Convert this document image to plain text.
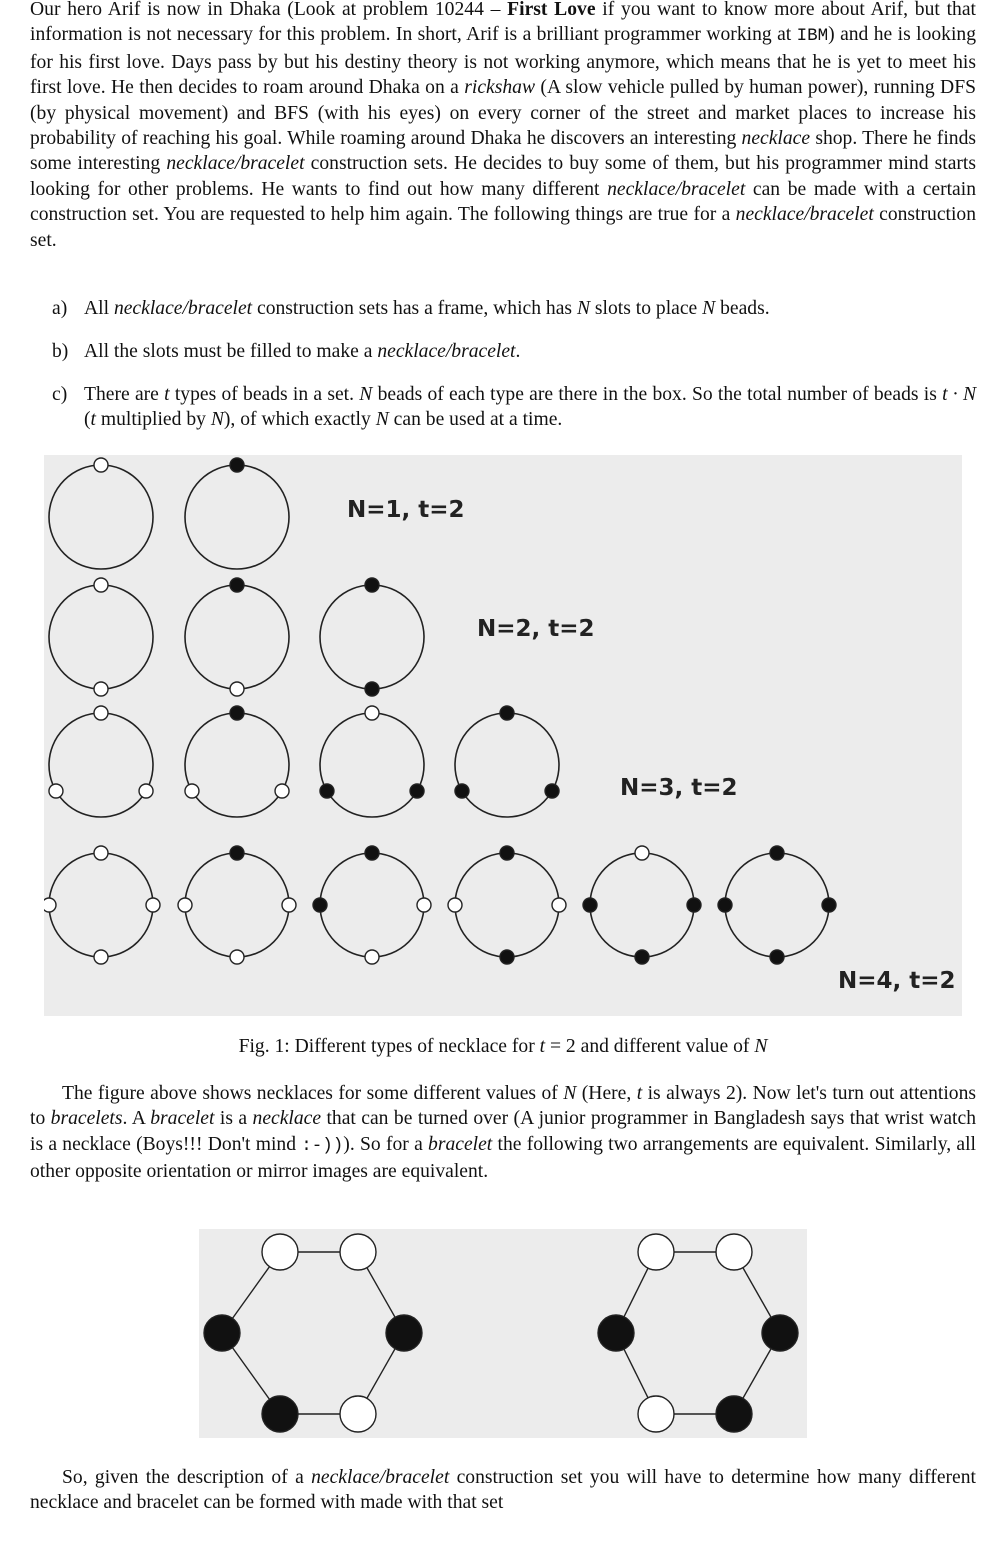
Our hero Arif is now in Dhaka (Look at problem 10244 – First Love if you want to know more about Arif, but that information is not necessary for this problem. In short, Arif is a brilliant programmer working at IBM) and he is looking for his first love. Days pass by but his destiny theory is not working anymore, which means that he is yet to meet his first love. He then decides to roam around Dhaka on a rickshaw (A slow vehicle pulled by human power), running DFS (by physical movement) and BFS (with his eyes) on every corner of the street and market places to increase his probability of reaching his goal. While roaming around Dhaka he discovers an interesting necklace shop. There he finds some interesting necklace/bracelet construction sets. He decides to buy some of them, but his programmer mind starts looking for other problems. He wants to find out how many different necklace/bracelet can be made with a certain construction set. You are requested to help him again. The following things are true for a necklace/bracelet construction set.

a) All necklace/bracelet construction sets has a frame, which has N slots to place N beads.
b) All the slots must be filled to make a necklace/bracelet.
c) There are t types of beads in a set. N beads of each type are there in the box. So the total number of beads is t · N (t multiplied by N), of which exactly N can be used at a time.
N=1, t=2
N=2, t=2
N=3, t=2
N=4, t=2
Fig. 1: Different types of necklace for t = 2 and different value of N

The figure above shows necklaces for some different values of N (Here, t is always 2). Now let's turn out attentions to bracelets. A bracelet is a necklace that can be turned over (A junior programmer in Bangladesh says that wrist watch is a necklace (Boys!!! Don't mind :-))). So for a bracelet the following two arrangements are equivalent. Similarly, all other opposite orientation or mirror images are equivalent.

So, given the description of a necklace/bracelet construction set you will have to determine how many different necklace and bracelet can be formed with made with that set
